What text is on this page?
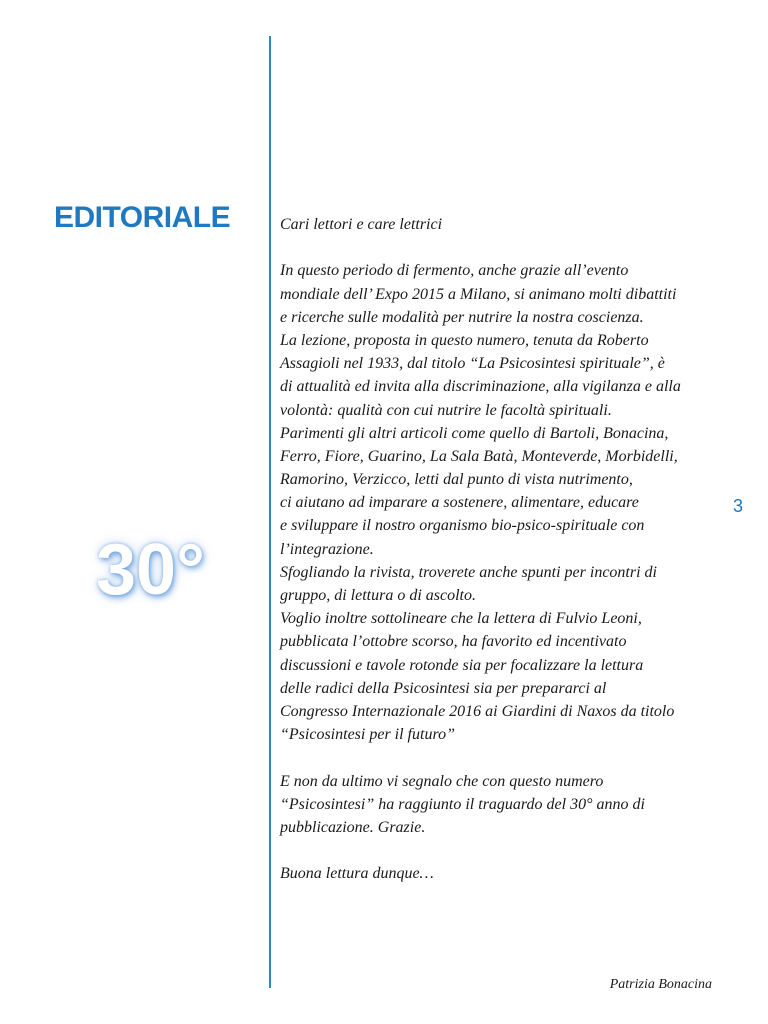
EDITORIALE
30°
3
Cari lettori e care lettrici
In questo periodo di fermento, anche grazie all’evento
mondiale dell’ Expo 2015 a Milano, si animano molti dibattiti
e ricerche sulle modalità per nutrire la nostra coscienza.
La lezione, proposta in questo numero, tenuta da Roberto
Assagioli nel 1933, dal titolo “La Psicosintesi spirituale”, è
di attualità ed invita alla discriminazione, alla vigilanza e alla
volontà: qualità con cui nutrire le facoltà spirituali.
Parimenti gli altri articoli come quello di Bartoli, Bonacina,
Ferro, Fiore, Guarino, La Sala Batà, Monteverde, Morbidelli,
Ramorino, Verzicco, letti dal punto di vista nutrimento,
ci aiutano ad imparare a sostenere, alimentare, educare
e sviluppare il nostro organismo bio-psico-spirituale con
l’integrazione.
Sfogliando la rivista, troverete anche spunti per incontri di
gruppo, di lettura o di ascolto.
Voglio inoltre sottolineare che la lettera di Fulvio Leoni,
pubblicata l’ottobre scorso, ha favorito ed incentivato
discussioni e tavole rotonde sia per focalizzare la lettura
delle radici della Psicosintesi sia per prepararci al
Congresso Internazionale 2016 ai Giardini di Naxos da titolo
“Psicosintesi per il futuro”
E non da ultimo vi segnalo che con questo numero
“Psicosintesi” ha raggiunto il traguardo del 30° anno di
pubblicazione. Grazie.
Buona lettura dunque…
Patrizia Bonacina
